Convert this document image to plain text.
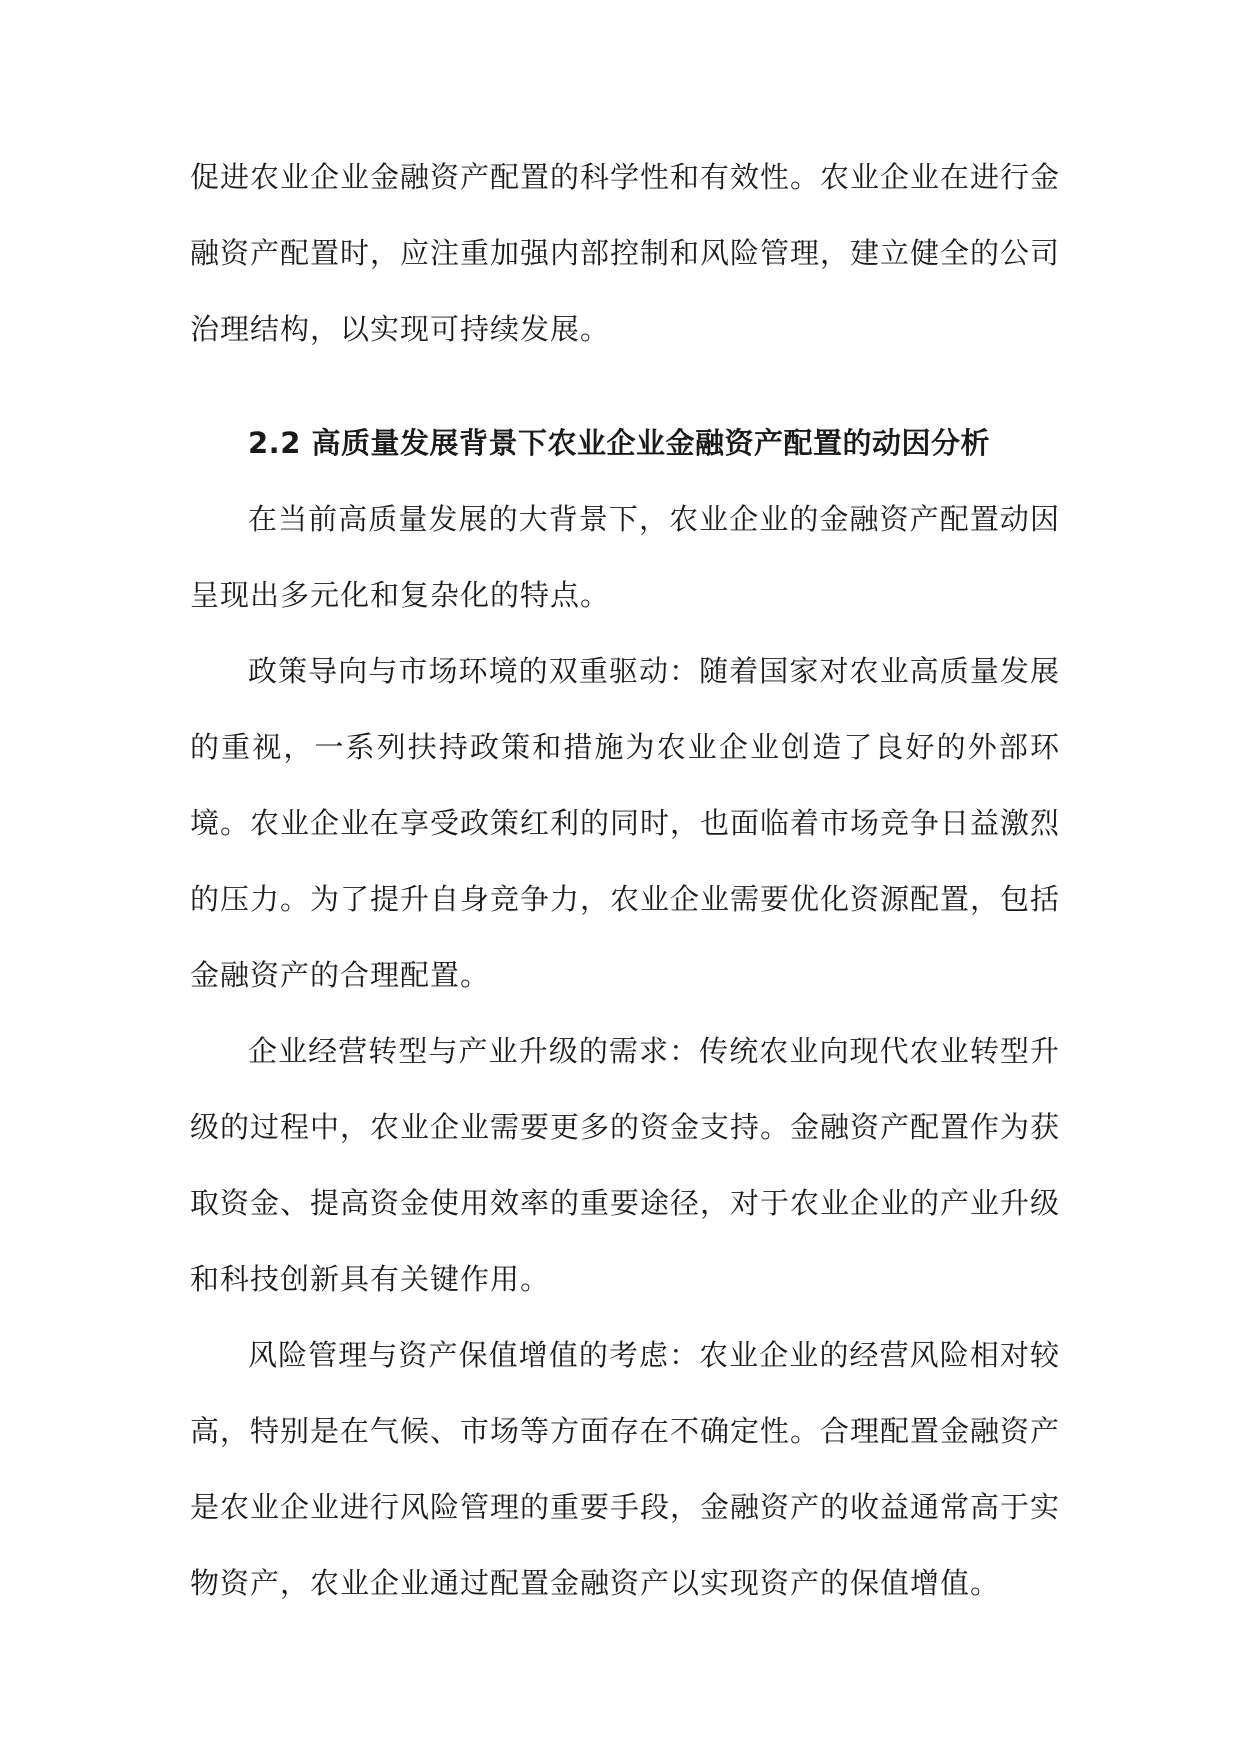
促进农业企业金融资产配置的科学性和有效性。农业企业在进行金融资产配置时，应注重加强内部控制和风险管理，建立健全的公司治理结构，以实现可持续发展。

2.2 高质量发展背景下农业企业金融资产配置的动因分析

在当前高质量发展的大背景下，农业企业的金融资产配置动因呈现出多元化和复杂化的特点。

政策导向与市场环境的双重驱动：随着国家对农业高质量发展的重视，一系列扶持政策和措施为农业企业创造了良好的外部环境。农业企业在享受政策红利的同时，也面临着市场竞争日益激烈的压力。为了提升自身竞争力，农业企业需要优化资源配置，包括金融资产的合理配置。

企业经营转型与产业升级的需求：传统农业向现代农业转型升级的过程中，农业企业需要更多的资金支持。金融资产配置作为获取资金、提高资金使用效率的重要途径，对于农业企业的产业升级和科技创新具有关键作用。

风险管理与资产保值增值的考虑：农业企业的经营风险相对较高，特别是在气候、市场等方面存在不确定性。合理配置金融资产是农业企业进行风险管理的重要手段，金融资产的收益通常高于实物资产，农业企业通过配置金融资产以实现资产的保值增值。
